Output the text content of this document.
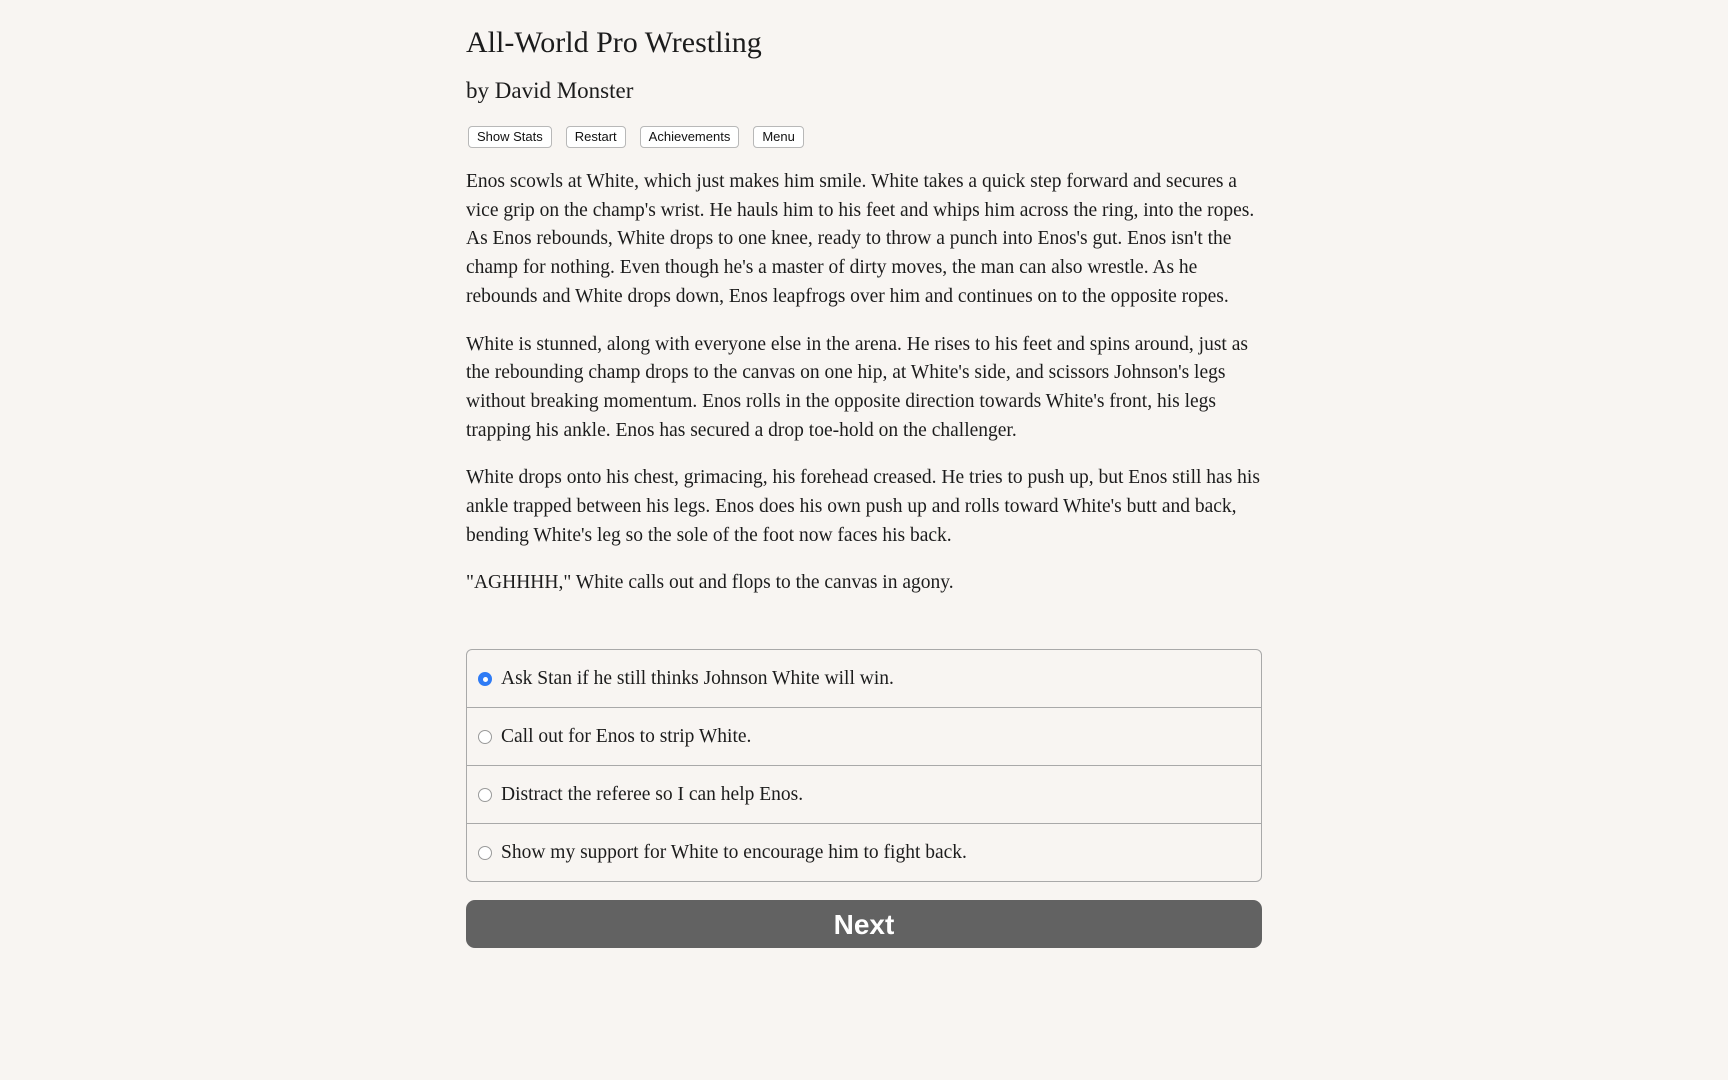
All-World Pro Wrestling
by David Monster
Show Stats	Restart	Achievements	Menu

Enos scowls at White, which just makes him smile. White takes a quick step forward and secures a vice grip on the champ's wrist. He hauls him to his feet and whips him across the ring, into the ropes. As Enos rebounds, White drops to one knee, ready to throw a punch into Enos's gut. Enos isn't the champ for nothing. Even though he's a master of dirty moves, the man can also wrestle. As he rebounds and White drops down, Enos leapfrogs over him and continues on to the opposite ropes.

White is stunned, along with everyone else in the arena. He rises to his feet and spins around, just as the rebounding champ drops to the canvas on one hip, at White's side, and scissors Johnson's legs without breaking momentum. Enos rolls in the opposite direction towards White's front, his legs trapping his ankle. Enos has secured a drop toe-hold on the challenger.

White drops onto his chest, grimacing, his forehead creased. He tries to push up, but Enos still has his ankle trapped between his legs. Enos does his own push up and rolls toward White's butt and back, bending White's leg so the sole of the foot now faces his back.

"AGHHHH," White calls out and flops to the canvas in agony.

Ask Stan if he still thinks Johnson White will win.
Call out for Enos to strip White.
Distract the referee so I can help Enos.
Show my support for White to encourage him to fight back.
Next
